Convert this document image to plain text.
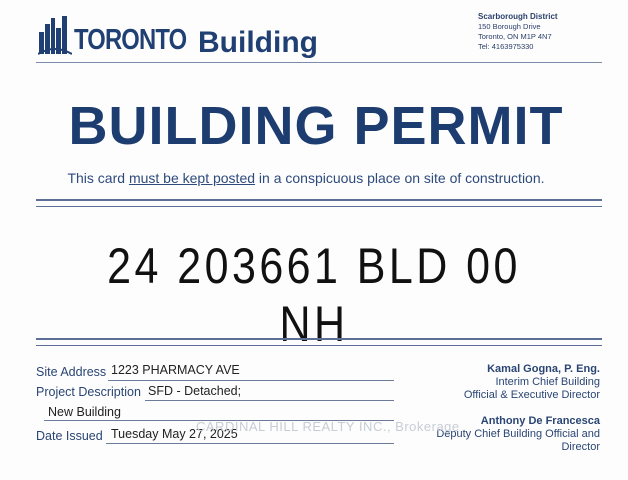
TORONTO Building
Scarborough District
150 Borough Drive
Toronto, ON M1P 4N7
Tel: 4163975330
BUILDING PERMIT
This card must be kept posted in a conspicuous place on site of construction.
24 203661 BLD 00 NH
Site Address 1223 PHARMACY AVE
Project Description SFD - Detached;
New Building
Date Issued Tuesday May 27, 2025
Kamal Gogna, P. Eng.
Interim Chief Building
Official & Executive Director
Anthony De Francesca
Deputy Chief Building Official and
Director
CARDINAL HILL REALTY INC., Brokerage
